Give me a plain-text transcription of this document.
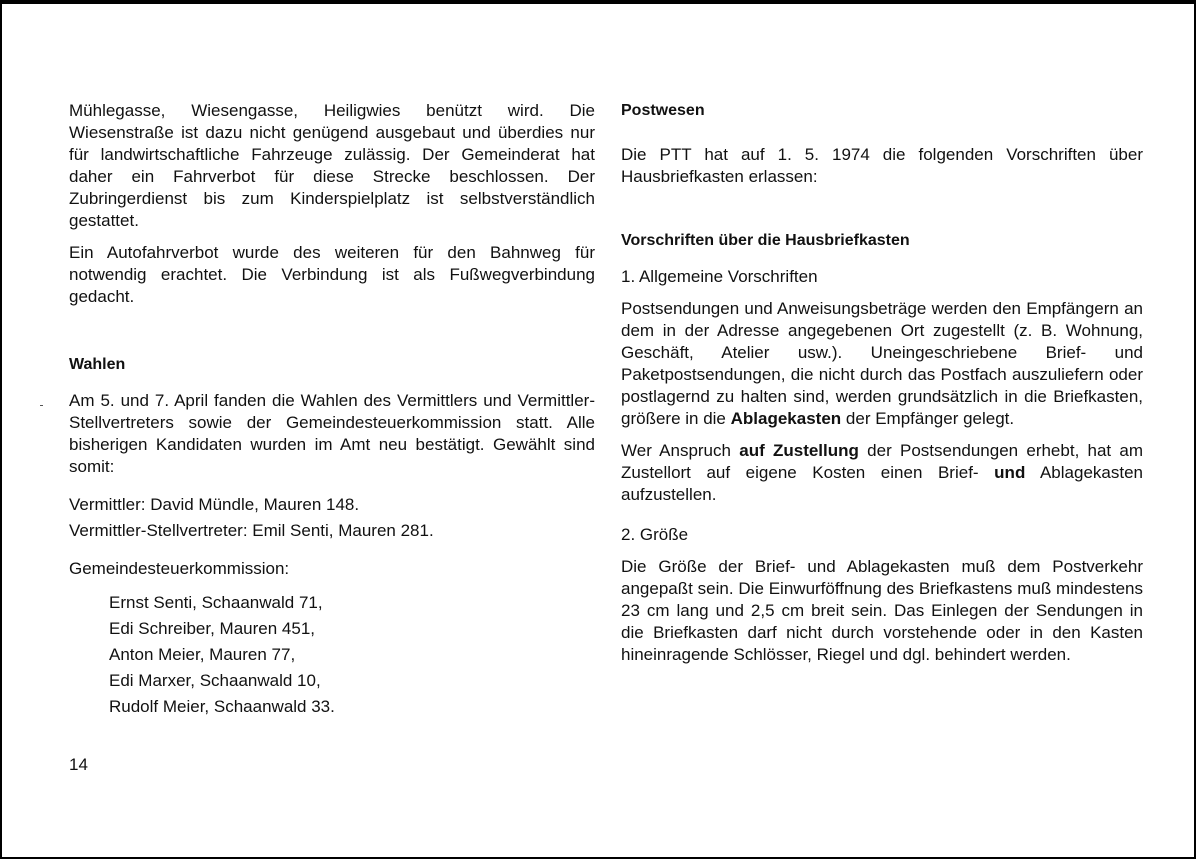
Mühlegasse, Wiesengasse, Heiligwies benützt wird. Die Wiesenstraße ist dazu nicht genügend ausgebaut und überdies nur für landwirtschaftliche Fahrzeuge zulässig. Der Gemeinderat hat daher ein Fahrverbot für diese Strecke beschlossen. Der Zubringerdienst bis zum Kinderspielplatz ist selbstverständlich gestattet.

Ein Autofahrverbot wurde des weiteren für den Bahnweg für notwendig erachtet. Die Verbindung ist als Fußwegverbindung gedacht.

Wahlen

Am 5. und 7. April fanden die Wahlen des Vermittlers und Vermittler-Stellvertreters sowie der Gemeindesteuerkommission statt. Alle bisherigen Kandidaten wurden im Amt neu bestätigt. Gewählt sind somit:

Vermittler: David Mündle, Mauren 148.
Vermittler-Stellvertreter: Emil Senti, Mauren 281.
Gemeindesteuerkommission:
Ernst Senti, Schaanwald 71,
Edi Schreiber, Mauren 451,
Anton Meier, Mauren 77,
Edi Marxer, Schaanwald 10,
Rudolf Meier, Schaanwald 33.
Postwesen

Die PTT hat auf 1. 5. 1974 die folgenden Vorschriften über Hausbriefkasten erlassen:

Vorschriften über die Hausbriefkasten

1. Allgemeine Vorschriften

Postsendungen und Anweisungsbeträge werden den Empfängern an dem in der Adresse angegebenen Ort zugestellt (z. B. Wohnung, Geschäft, Atelier usw.). Uneingeschriebene Brief- und Paketpostsendungen, die nicht durch das Postfach auszuliefern oder postlagernd zu halten sind, werden grundsätzlich in die Briefkasten, größere in die Ablagekasten der Empfänger gelegt.

Wer Anspruch auf Zustellung der Postsendungen erhebt, hat am Zustellort auf eigene Kosten einen Brief- und Ablagekasten aufzustellen.

2. Größe

Die Größe der Brief- und Ablagekasten muß dem Postverkehr angepaßt sein. Die Einwurföffnung des Briefkastens muß mindestens 23 cm lang und 2,5 cm breit sein. Das Einlegen der Sendungen in die Briefkasten darf nicht durch vorstehende oder in den Kasten hineinragende Schlösser, Riegel und dgl. behindert werden.

14
